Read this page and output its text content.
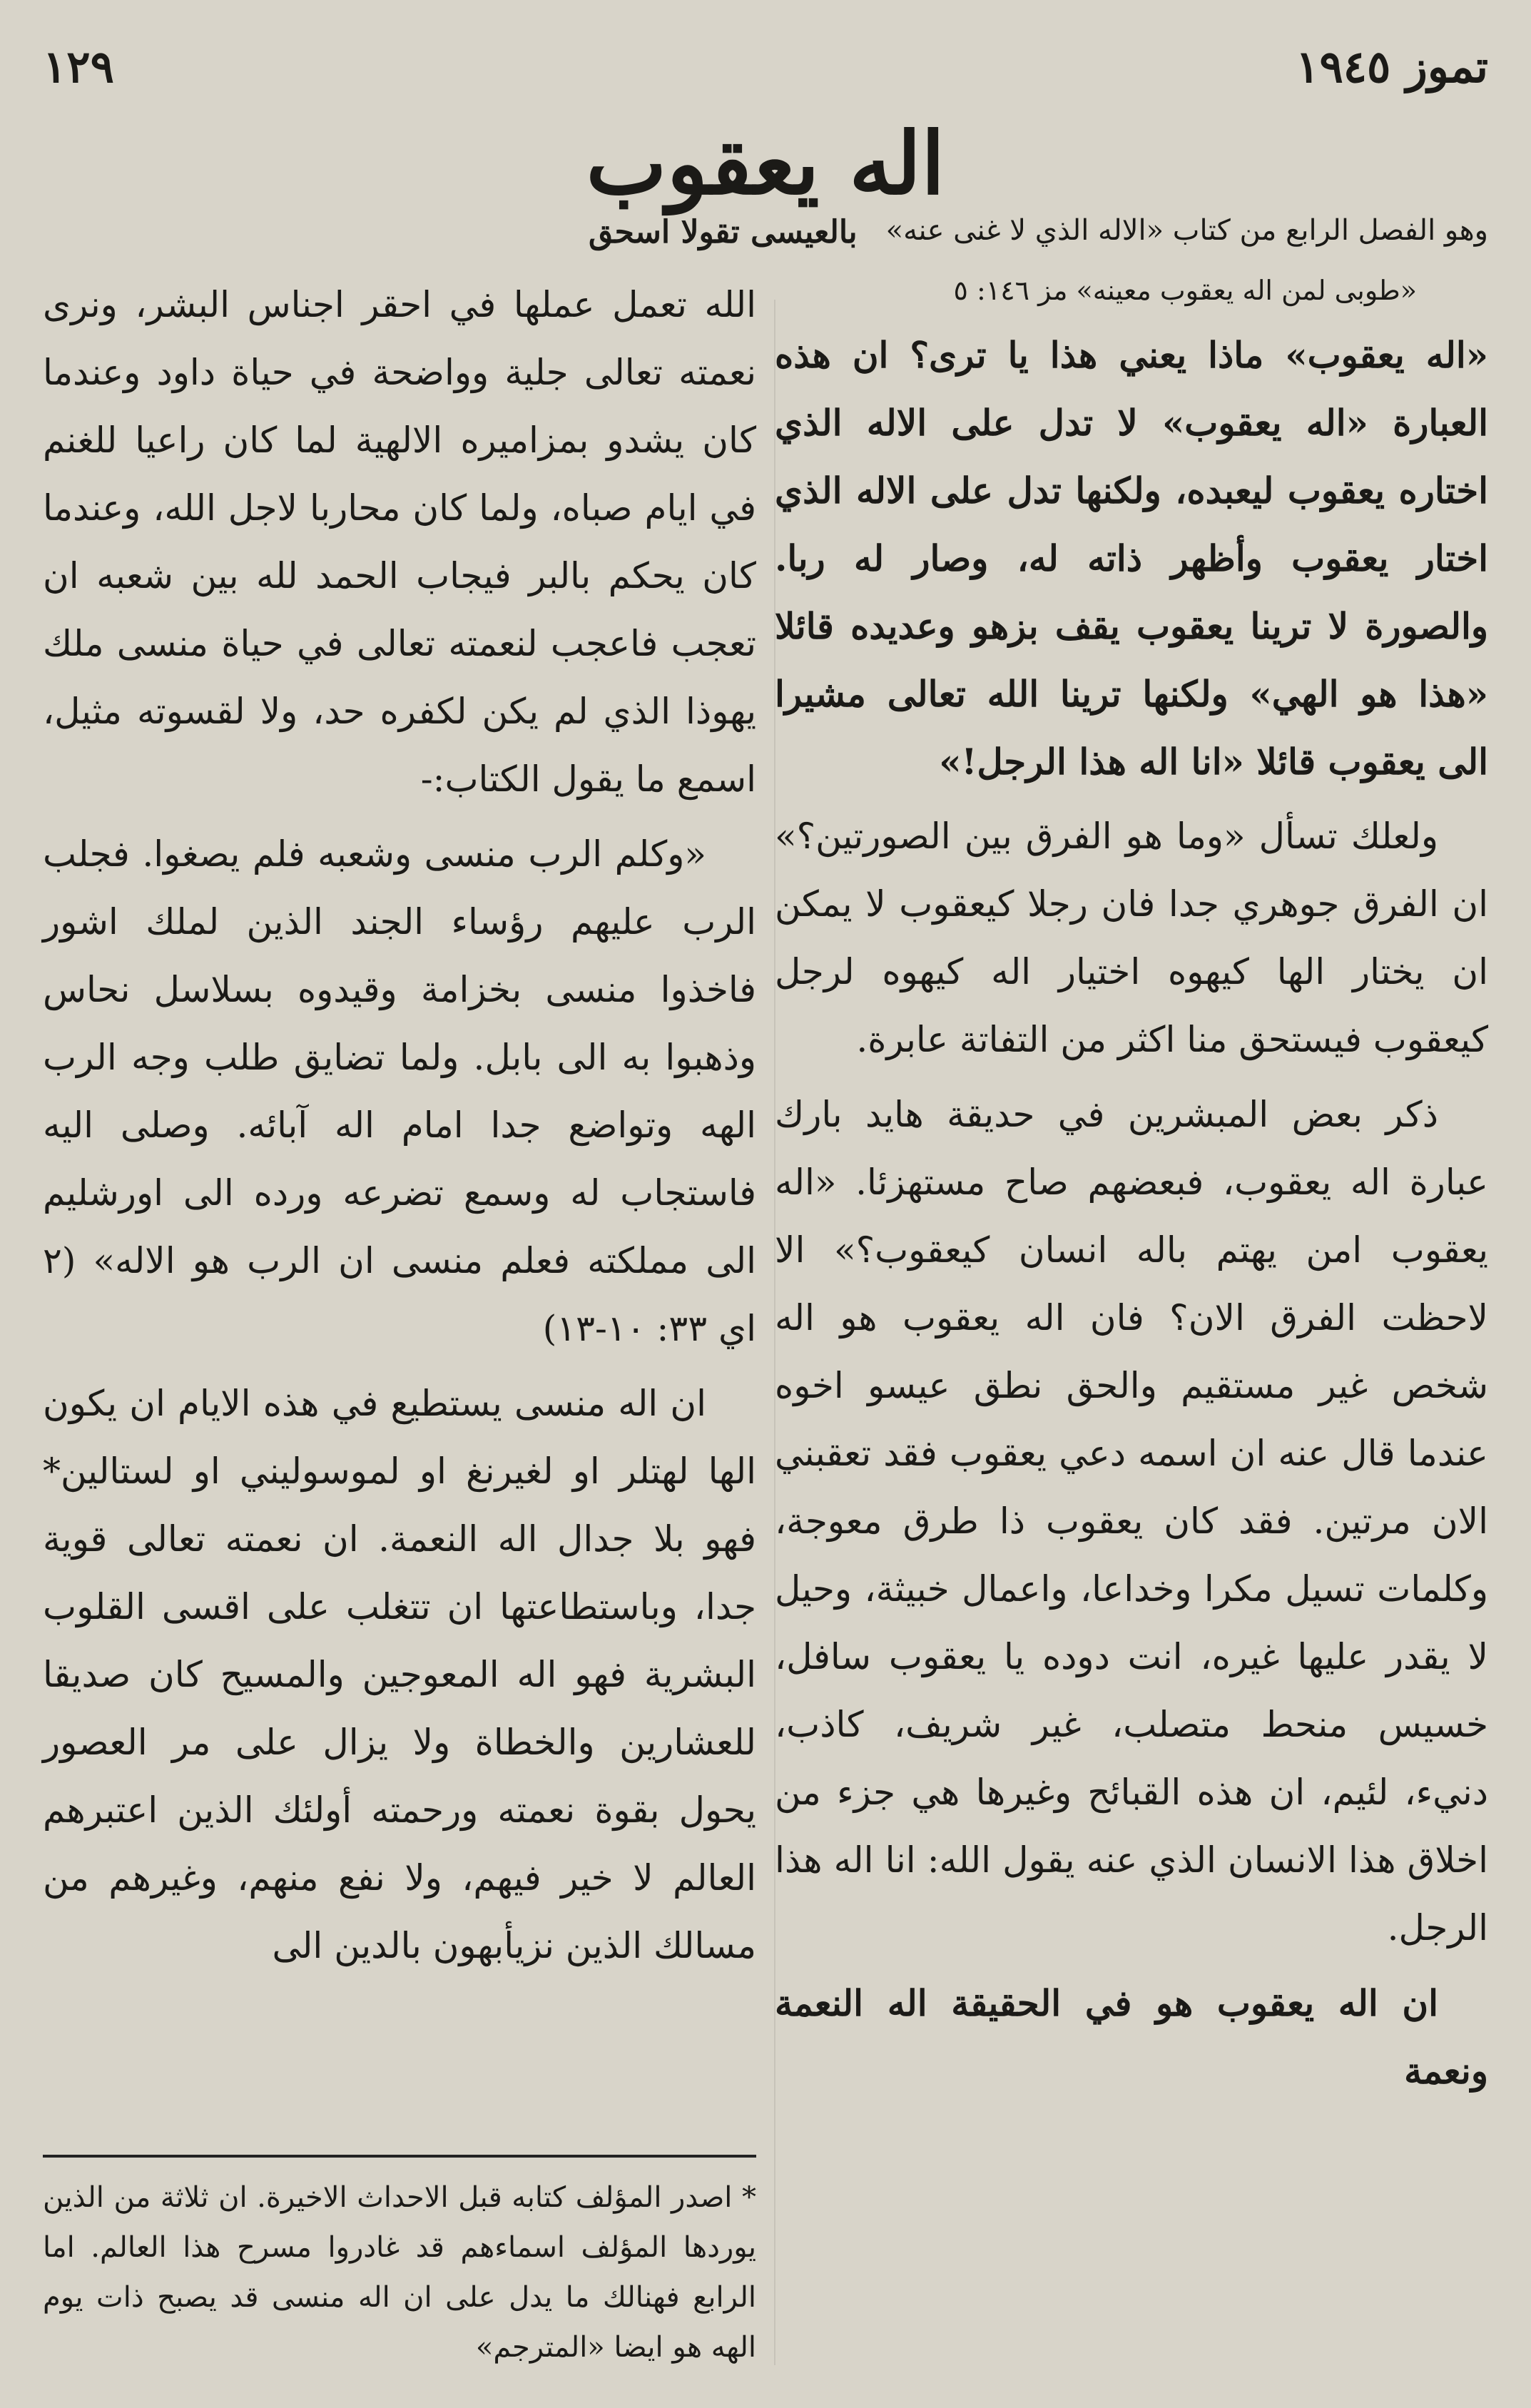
تموز ١٩٤٥
١٢٩
اله يعقوب
وهو الفصل الرابع من كتاب «الاله الذي لا غنى عنه»
بالعيسى تقولا اسحق
«طوبى لمن اله يعقوب معينه» مز ١٤٦: ٥

«اله يعقوب» ماذا يعني هذا يا ترى؟ ان هذه العبارة «اله يعقوب» لا تدل على الاله الذي اختاره يعقوب ليعبده، ولكنها تدل على الاله الذي اختار يعقوب وأظهر ذاته له، وصار له ربا. والصورة لا ترينا يعقوب يقف بزهو وعديده قائلا «هذا هو الهي» ولكنها ترينا الله تعالى مشيرا الى يعقوب قائلا «انا اله هذا الرجل!»

ولعلك تسأل «وما هو الفرق بين الصورتين؟» ان الفرق جوهري جدا فان رجلا كيعقوب لا يمكن ان يختار الها كيهوه اختيار اله كيهوه لرجل كيعقوب فيستحق منا اكثر من التفاتة عابرة.

ذكر بعض المبشرين في حديقة هايد بارك عبارة اله يعقوب، فبعضهم صاح مستهزئا. «اله يعقوب امن يهتم باله انسان كيعقوب؟» الا لاحظت الفرق الان؟ فان اله يعقوب هو اله شخص غير مستقيم والحق نطق عيسو اخوه عندما قال عنه ان اسمه دعي يعقوب فقد تعقبني الان مرتين. فقد كان يعقوب ذا طرق معوجة، وكلمات تسيل مكرا وخداعا، واعمال خبيثة، وحيل لا يقدر عليها غيره، انت دوده يا يعقوب سافل، خسيس منحط متصلب، غير شريف، كاذب، دنيء، لئيم، ان هذه القبائح وغيرها هي جزء من اخلاق هذا الانسان الذي عنه يقول الله: انا اله هذا الرجل.

ان اله يعقوب هو في الحقيقة اله النعمة ونعمة

الله تعمل عملها في احقر اجناس البشر، ونرى نعمته تعالى جلية وواضحة في حياة داود وعندما كان يشدو بمزاميره الالهية لما كان راعيا للغنم في ايام صباه، ولما كان محاربا لاجل الله، وعندما كان يحكم بالبر فيجاب الحمد لله بين شعبه ان تعجب فاعجب لنعمته تعالى في حياة منسى ملك يهوذا الذي لم يكن لكفره حد، ولا لقسوته مثيل، اسمع ما يقول الكتاب:-

«وكلم الرب منسى وشعبه فلم يصغوا. فجلب الرب عليهم رؤساء الجند الذين لملك اشور فاخذوا منسى بخزامة وقيدوه بسلاسل نحاس وذهبوا به الى بابل. ولما تضايق طلب وجه الرب الهه وتواضع جدا امام اله آبائه. وصلى اليه فاستجاب له وسمع تضرعه ورده الى اورشليم الى مملكته فعلم منسى ان الرب هو الاله» (٢ اي ٣٣: ١٠-١٣)

ان اله منسى يستطيع في هذه الايام ان يكون الها لهتلر او لغيرنغ او لموسوليني او لستالين* فهو بلا جدال اله النعمة. ان نعمته تعالى قوية جدا، وباستطاعتها ان تتغلب على اقسى القلوب البشرية فهو اله المعوجين والمسيح كان صديقا للعشارين والخطاة ولا يزال على مر العصور يحول بقوة نعمته ورحمته أولئك الذين اعتبرهم العالم لا خير فيهم، ولا نفع منهم، وغيرهم من مسالك الذين نزيأبهون بالدين الى

* اصدر المؤلف كتابه قبل الاحداث الاخيرة. ان ثلاثة من الذين يوردها المؤلف اسماءهم قد غادروا مسرح هذا العالم. اما الرابع فهنالك ما يدل على ان اله منسى قد يصبح ذات يوم الهه هو ايضا «المترجم»
